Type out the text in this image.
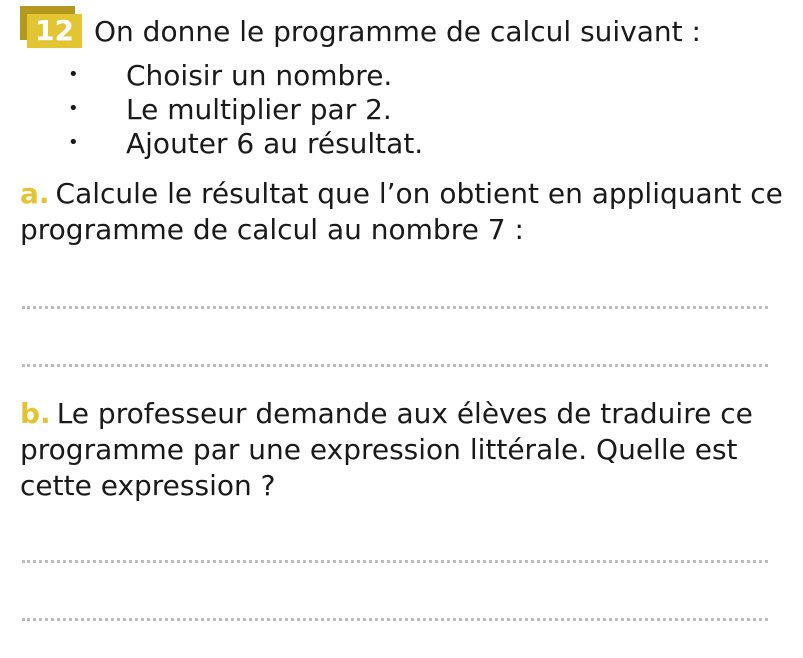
12 On donne le programme de calcul suivant :
•	Choisir un nombre.
•	Le multiplier par 2.
•	Ajouter 6 au résultat.
a. Calcule le résultat que l’on obtient en appliquant ce programme de calcul au nombre 7 :
b. Le professeur demande aux élèves de traduire ce programme par une expression littérale. Quelle est cette expression ?
